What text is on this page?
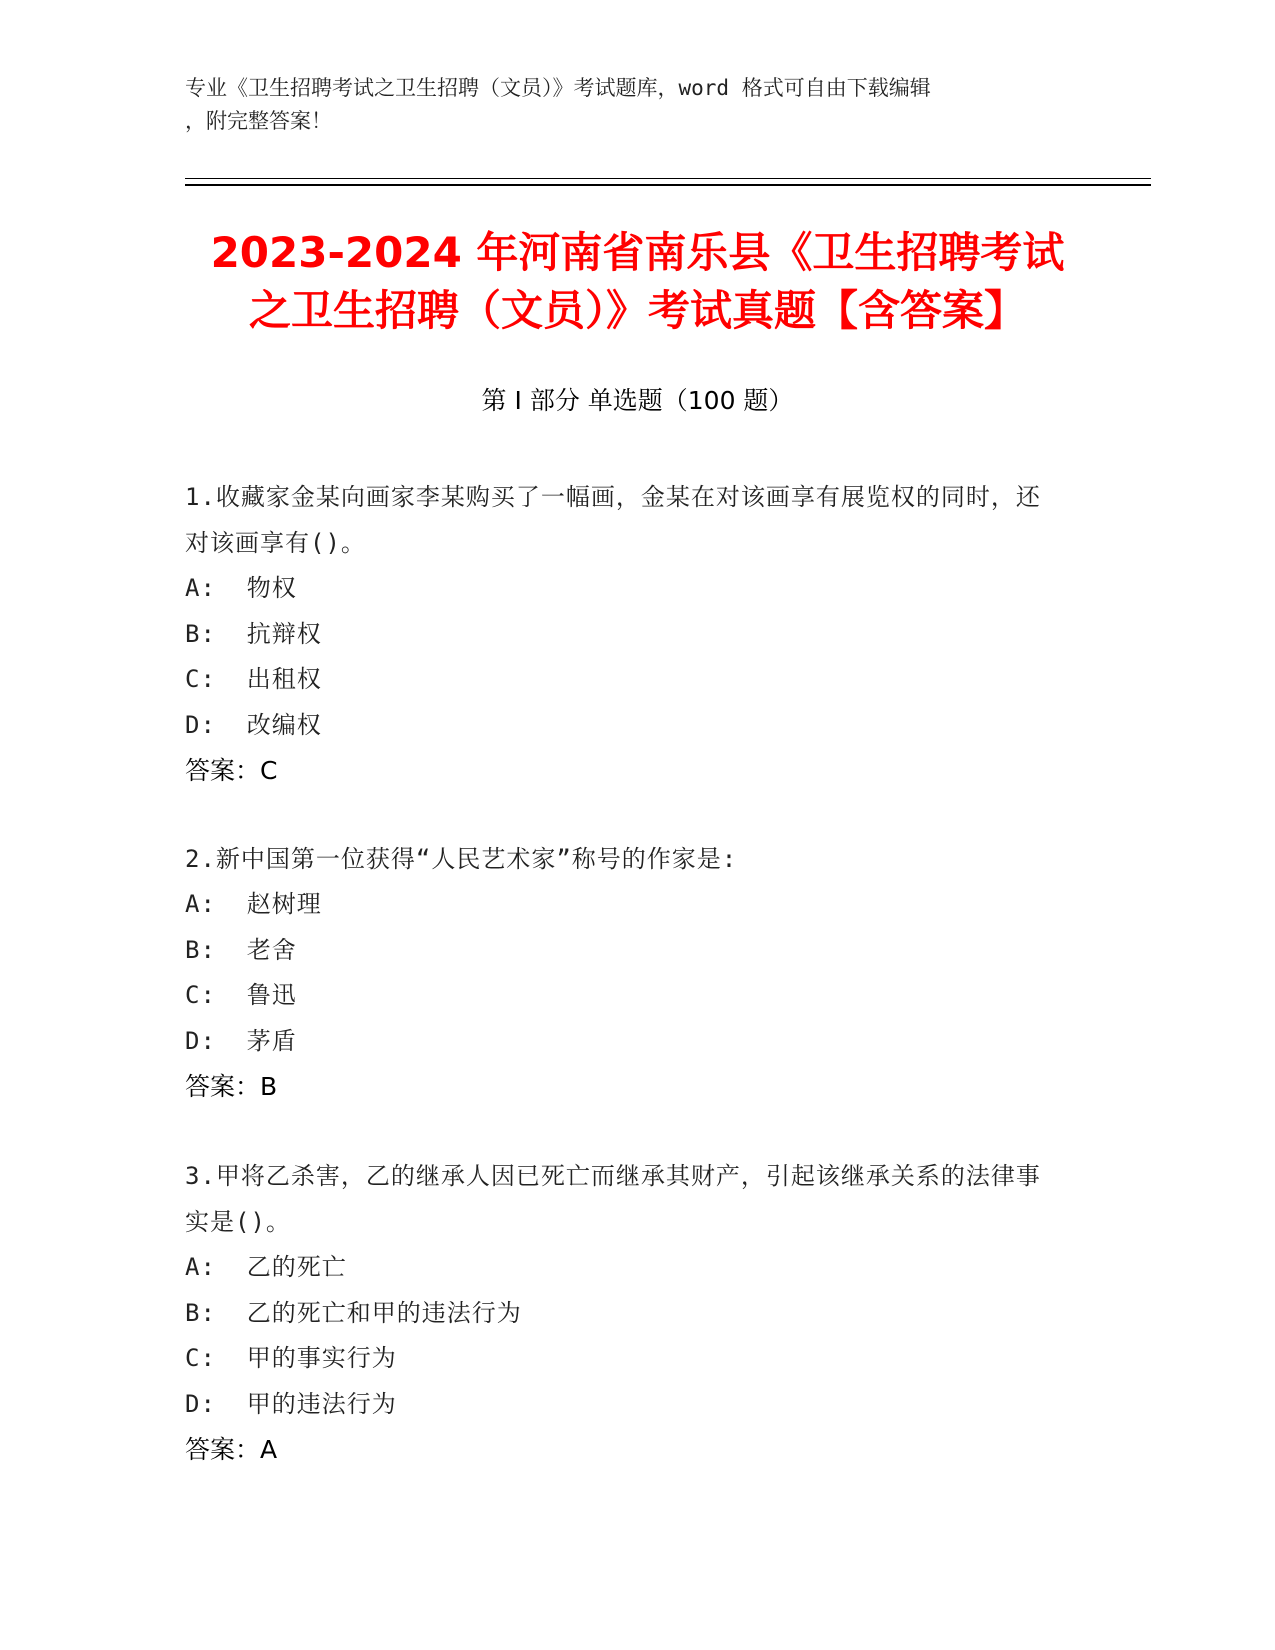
专业《卫生招聘考试之卫生招聘（文员）》考试题库，word 格式可自由下载编辑
，附完整答案！
2023-2024 年河南省南乐县《卫生招聘考试
之卫生招聘（文员）》考试真题【含答案】
第 I 部分 单选题（100 题）
1.收藏家金某向画家李某购买了一幅画，金某在对该画享有展览权的同时，还对该画享有()。
A:  物权
B:  抗辩权
C:  出租权
D:  改编权
答案：C
2.新中国第一位获得“人民艺术家”称号的作家是:
A:  赵树理
B:  老舍
C:  鲁迅
D:  茅盾
答案：B
3.甲将乙杀害，乙的继承人因已死亡而继承其财产，引起该继承关系的法律事实是()。
A:  乙的死亡
B:  乙的死亡和甲的违法行为
C:  甲的事实行为
D:  甲的违法行为
答案：A
